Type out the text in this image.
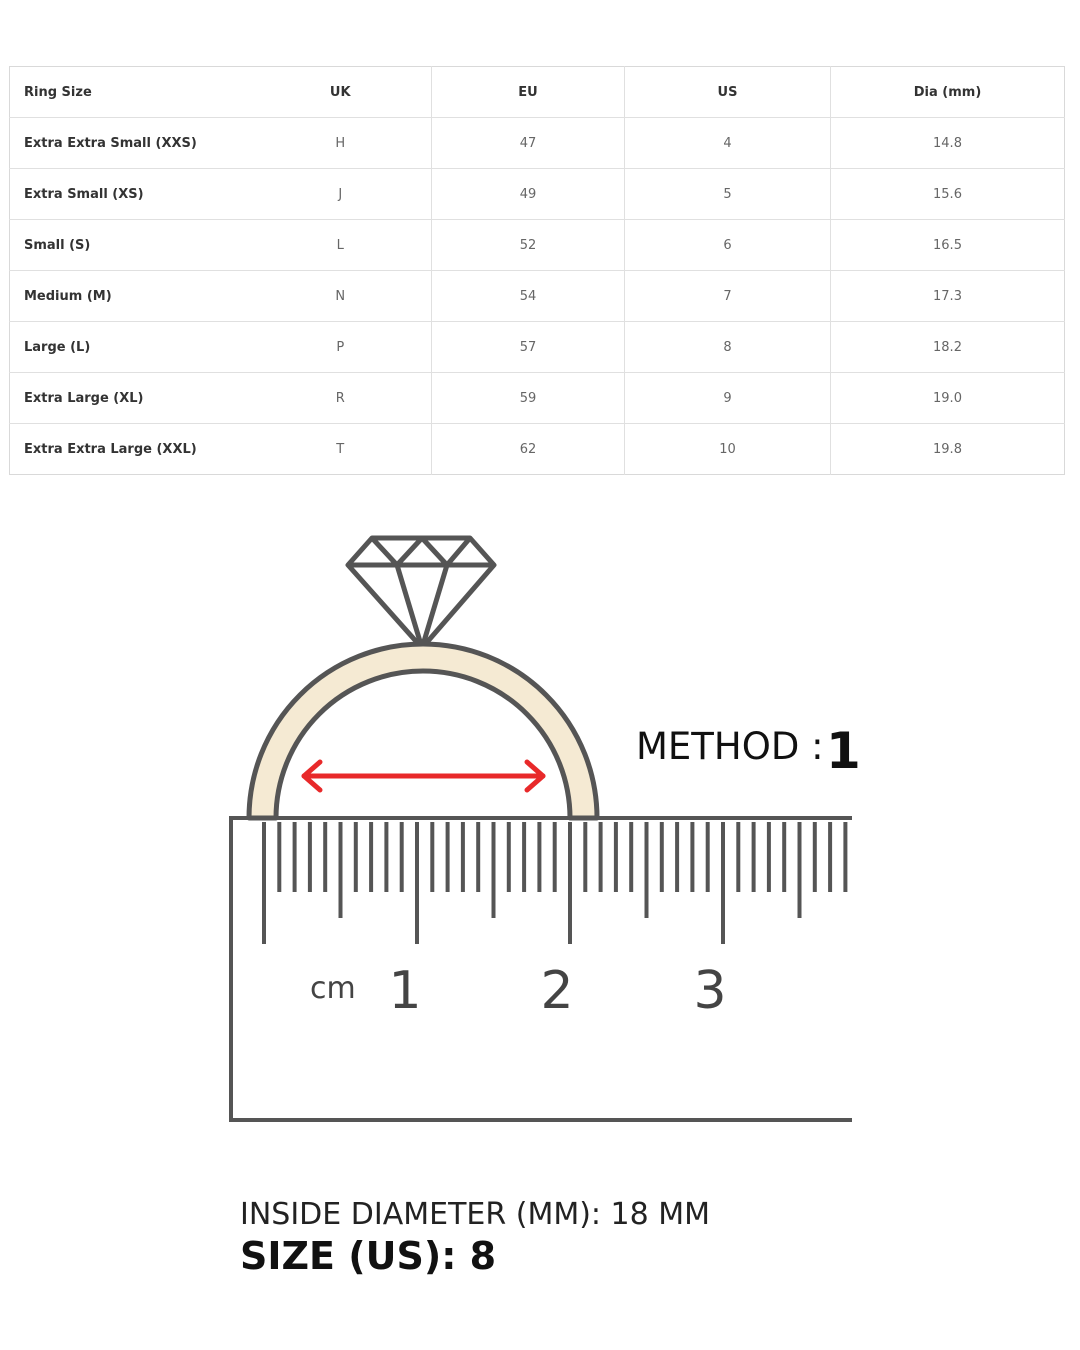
Ring Size	UK	EU	US	Dia (mm)
Extra Extra Small (XXS)	H	47	4	14.8
Extra Small (XS)	J	49	5	15.6
Small (S)	L	52	6	16.5
Medium (M)	N	54	7	17.3
Large (L)	P	57	8	18.2
Extra Large (XL)	R	59	9	19.0
Extra Extra Large (XXL)	T	62	10	19.8
cm 1 2 3
METHOD : 1
INSIDE DIAMETER (MM): 18 MM
SIZE (US): 8
